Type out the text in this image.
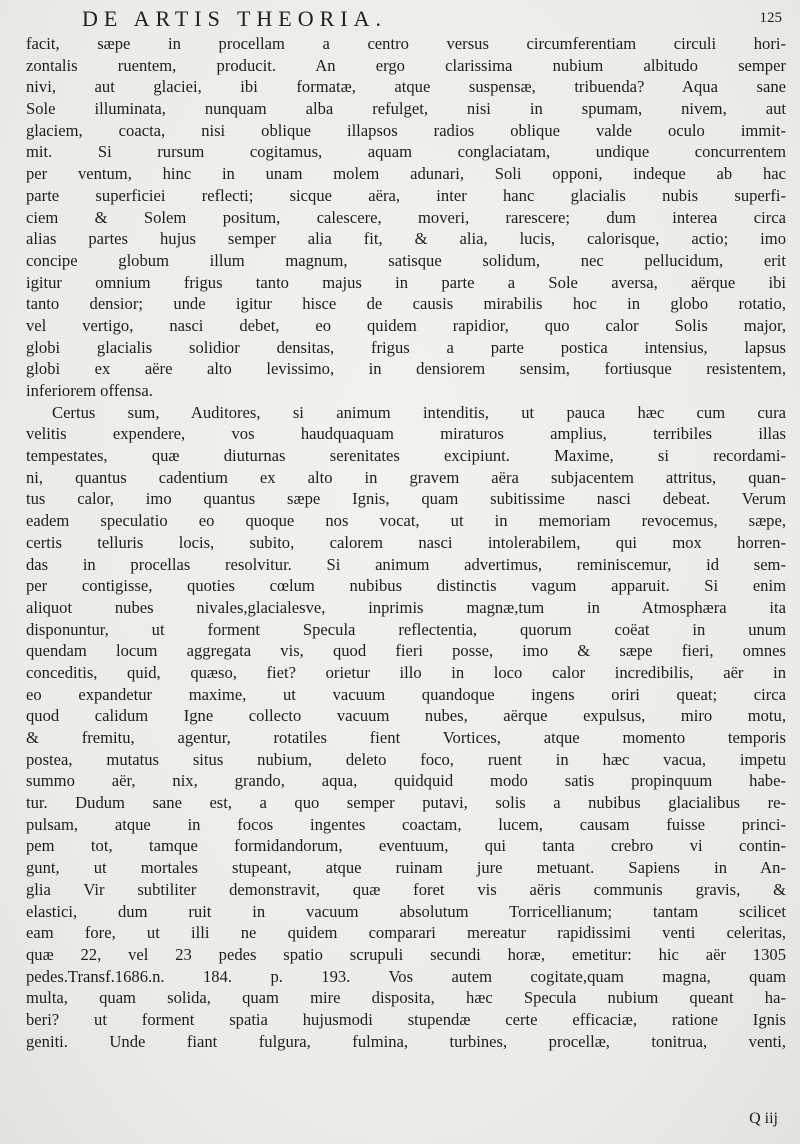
DE ARTIS THEORIA.	125
facit, sæpe in procellam a centro versus circumferentiam circuli hori-
zontalis ruentem, producit. An ergo clarissima nubium albitudo semper
nivi, aut glaciei, ibi formatæ, atque suspensæ, tribuenda? Aqua sane
Sole illuminata, nunquam alba refulget, nisi in spumam, nivem, aut
glaciem, coacta, nisi oblique illapsos radios oblique valde oculo immit-
mit. Si rursum cogitamus, aquam conglaciatam, undique concurrentem
per ventum, hinc in unam molem adunari, Soli opponi, indeque ab hac
parte superficiei reflecti; sicque aëra, inter hanc glacialis nubis superfi-
ciem & Solem positum, calescere, moveri, rarescere; dum interea circa
alias partes hujus semper alia fit, & alia, lucis, calorisque, actio; imo
concipe globum illum magnum, satisque solidum, nec pellucidum, erit
igitur omnium frigus tanto majus in parte a Sole aversa, aërque ibi
tanto densior; unde igitur hisce de causis mirabilis hoc in globo rotatio,
vel vertigo, nasci debet, eo quidem rapidior, quo calor Solis major,
globi glacialis solidior densitas, frigus a parte postica intensius, lapsus
globi ex aëre alto levissimo, in densiorem sensim, fortiusque resistentem,
inferiorem offensa.
Certus sum, Auditores, si animum intenditis, ut pauca hæc cum cura
velitis expendere, vos haudquaquam miraturos amplius, terribiles illas
tempestates, quæ diuturnas serenitates excipiunt. Maxime, si recordami-
ni, quantus cadentium ex alto in gravem aëra subjacentem attritus, quan-
tus calor, imo quantus sæpe Ignis, quam subitissime nasci debeat. Verum
eadem speculatio eo quoque nos vocat, ut in memoriam revocemus, sæpe,
certis telluris locis, subito, calorem nasci intolerabilem, qui mox horren-
das in procellas resolvitur. Si animum advertimus, reminiscemur, id sem-
per contigisse, quoties cœlum nubibus distinctis vagum apparuit. Si enim
aliquot nubes nivales,glacialesve, inprimis magnæ,tum in Atmosphæra ita
disponuntur, ut forment Specula reflectentia, quorum coëat in unum
quendam locum aggregata vis, quod fieri posse, imo & sæpe fieri, omnes
conceditis, quid, quæso, fiet? orietur illo in loco calor incredibilis, aër in
eo expandetur maxime, ut vacuum quandoque ingens oriri queat; circa
quod calidum Igne collecto vacuum nubes, aërque expulsus, miro motu,
& fremitu, agentur, rotatiles fient Vortices, atque momento temporis
postea, mutatus situs nubium, deleto foco, ruent in hæc vacua, impetu
summo aër, nix, grando, aqua, quidquid modo satis propinquum habe-
tur. Dudum sane est, a quo semper putavi, solis a nubibus glacialibus re-
pulsam, atque in focos ingentes coactam, lucem, causam fuisse princi-
pem tot, tamque formidandorum, eventuum, qui tanta crebro vi contin-
gunt, ut mortales stupeant, atque ruinam jure metuant. Sapiens in An-
glia Vir subtiliter demonstravit, quæ foret vis aëris communis gravis, &
elastici, dum ruit in vacuum absolutum Torricellianum; tantam scilicet
eam fore, ut illi ne quidem comparari mereatur rapidissimi venti celeritas,
quæ 22, vel 23 pedes spatio scrupuli secundi horæ, emetitur: hic aër 1305
pedes.Transf.1686.n. 184. p. 193. Vos autem cogitate,quam magna, quam
multa, quam solida, quam mire disposita, hæc Specula nubium queant ha-
beri? ut forment spatia hujusmodi stupendæ certe efficaciæ, ratione Ignis
geniti. Unde fiant fulgura, fulmina, turbines, procellæ, tonitrua, venti,
Q iij
